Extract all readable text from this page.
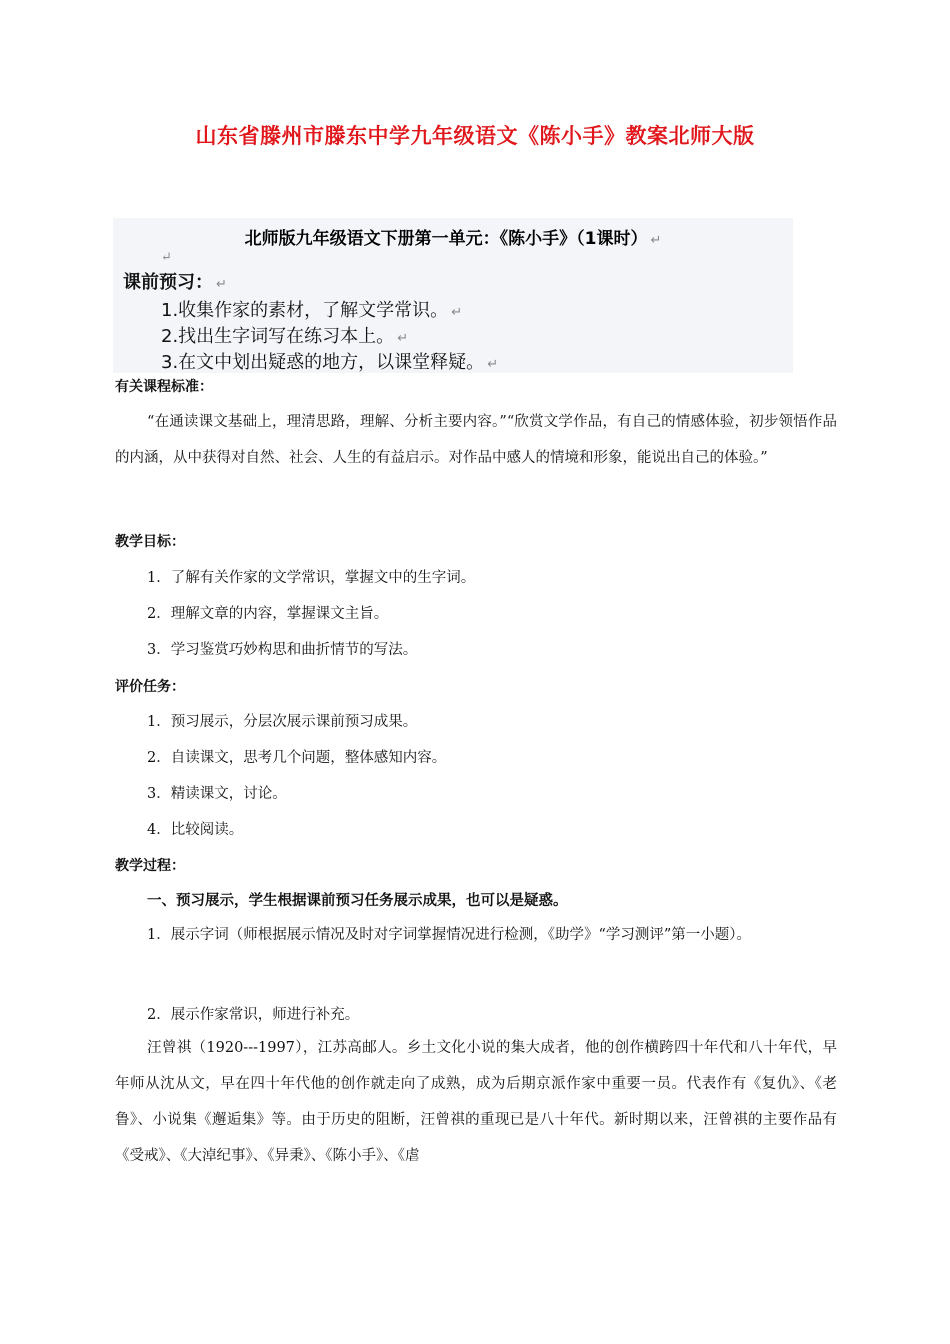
山东省滕州市滕东中学九年级语文《陈小手》教案北师大版
北师版九年级语文下册第一单元：《陈小手》（1课时） ↵
↵
课前预习： ↵
1.收集作家的素材，了解文学常识。 ↵
2.找出生字词写在练习本上。 ↵
3.在文中划出疑惑的地方，以课堂释疑。 ↵
有关课程标准：
“在通读课文基础上，理清思路，理解、分析主要内容。”“欣赏文学作品，有自己的情感体验，初步领悟作品的内涵，从中获得对自然、社会、人生的有益启示。对作品中感人的情境和形象，能说出自己的体验。”
教学目标：
1．了解有关作家的文学常识，掌握文中的生字词。
2．理解文章的内容，掌握课文主旨。
3．学习鉴赏巧妙构思和曲折情节的写法。
评价任务：
1．预习展示，分层次展示课前预习成果。
2．自读课文，思考几个问题，整体感知内容。
3．精读课文，讨论。
4．比较阅读。
教学过程：
一、预习展示，学生根据课前预习任务展示成果，也可以是疑惑。
1．展示字词（师根据展示情况及时对字词掌握情况进行检测，《助学》“学习测评”第一小题）。
2．展示作家常识，师进行补充。
汪曾祺（1920---1997），江苏高邮人。乡土文化小说的集大成者，他的创作横跨四十年代和八十年代，早年师从沈从文，早在四十年代他的创作就走向了成熟，成为后期京派作家中重要一员。代表作有《复仇》、《老鲁》、小说集《邂逅集》等。由于历史的阻断，汪曾祺的重现已是八十年代。新时期以来，汪曾祺的主要作品有《受戒》、《大淖纪事》、《异秉》、《陈小手》、《虐
